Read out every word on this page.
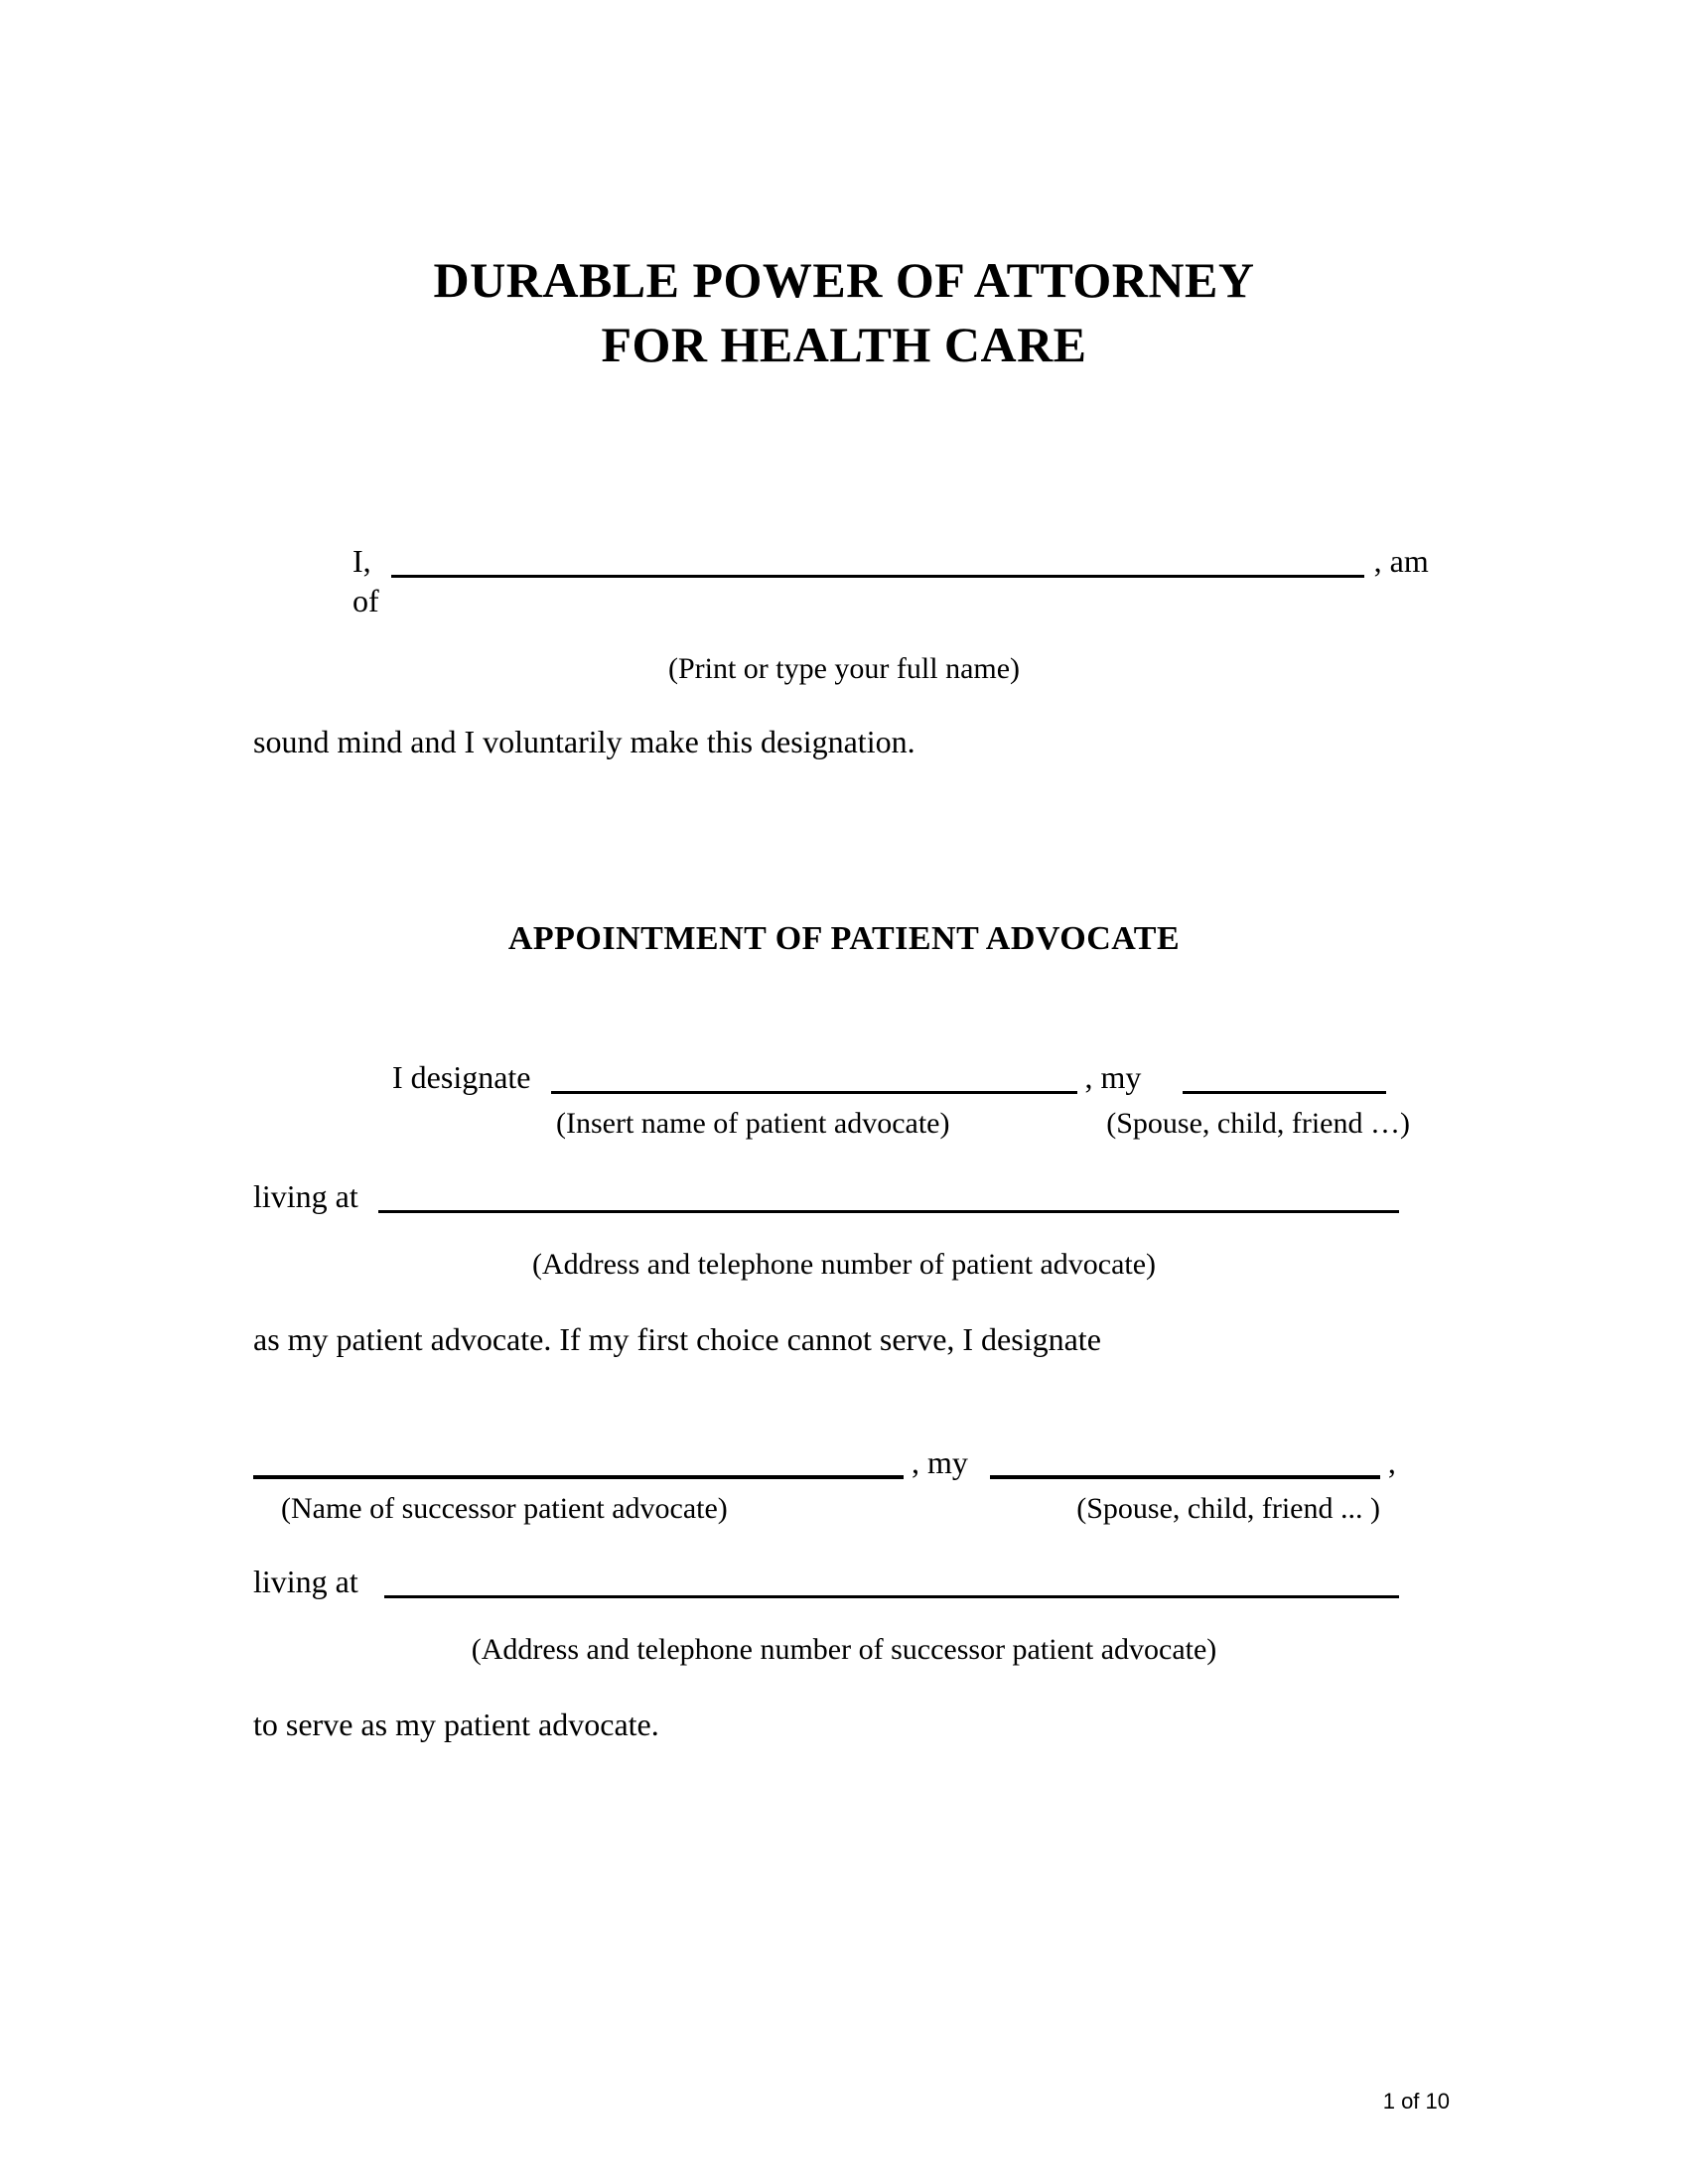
DURABLE POWER OF ATTORNEY
FOR HEALTH CARE

I,	, am of

(Print or type your full name)

sound mind and I voluntarily make this designation.

APPOINTMENT OF PATIENT ADVOCATE

I designate	, my

(Insert name of patient advocate)	(Spouse, child, friend …)

living at

(Address and telephone number of patient advocate)

as my patient advocate. If my first choice cannot serve, I designate

, my	,

(Name of successor patient advocate)	(Spouse, child, friend ... )

living at

(Address and telephone number of successor patient advocate)

to serve as my patient advocate.

1 of 10
